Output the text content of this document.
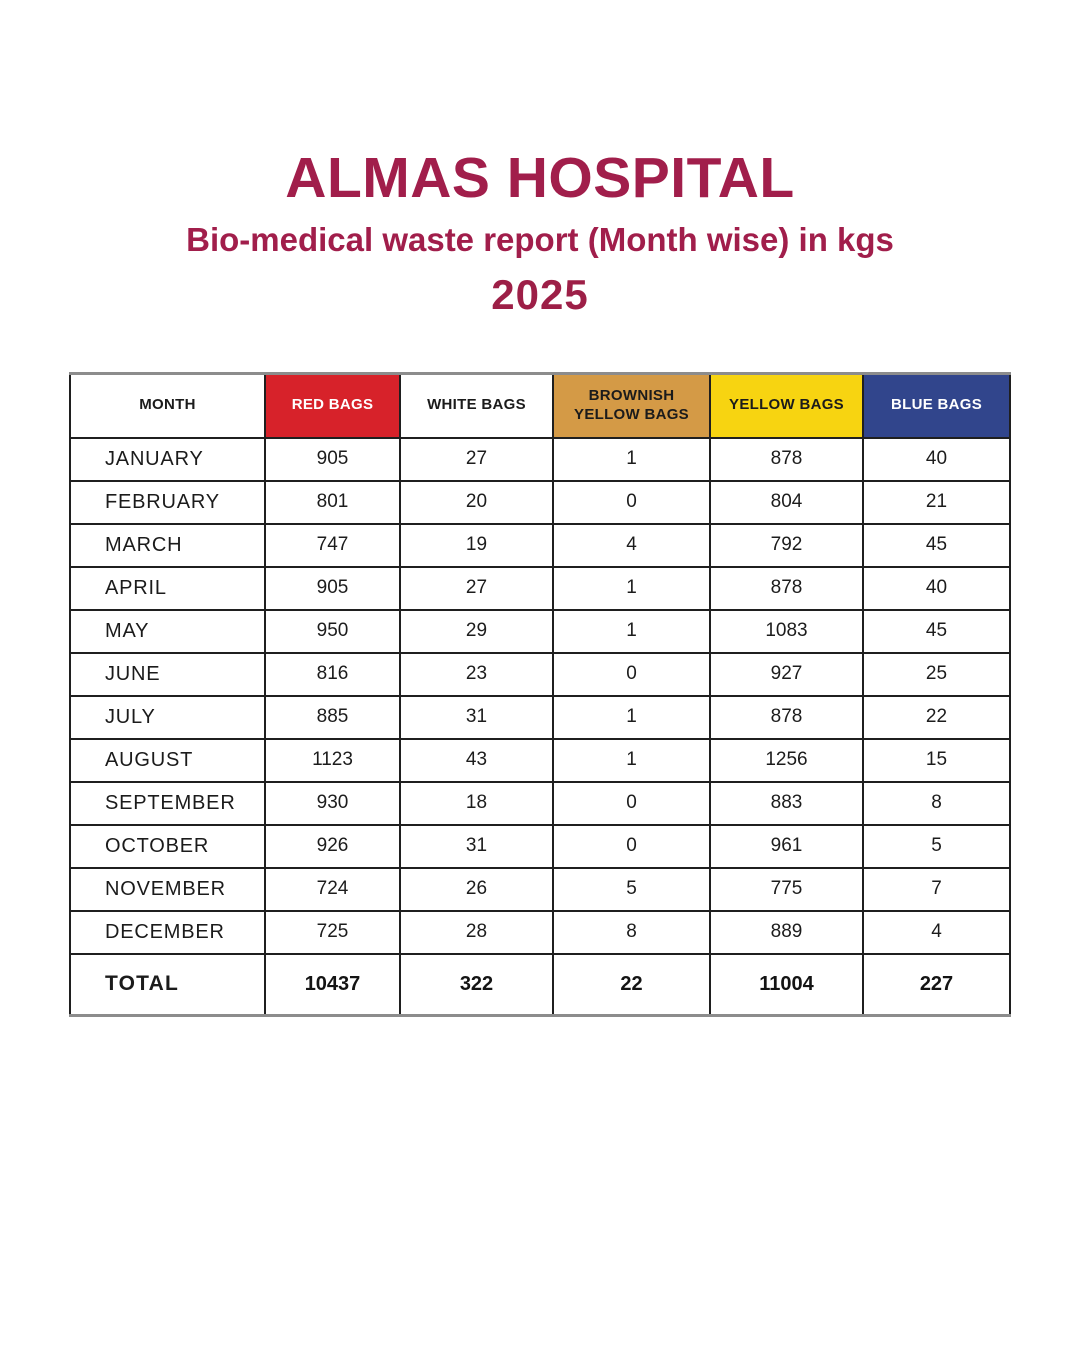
ALMAS HOSPITAL
Bio-medical waste report (Month wise) in kgs
2025
MONTH	RED BAGS	WHITE BAGS	BROWNISH YELLOW BAGS	YELLOW BAGS	BLUE BAGS
JANUARY	905	27	1	878	40
FEBRUARY	801	20	0	804	21
MARCH	747	19	4	792	45
APRIL	905	27	1	878	40
MAY	950	29	1	1083	45
JUNE	816	23	0	927	25
JULY	885	31	1	878	22
AUGUST	1123	43	1	1256	15
SEPTEMBER	930	18	0	883	8
OCTOBER	926	31	0	961	5
NOVEMBER	724	26	5	775	7
DECEMBER	725	28	8	889	4
TOTAL	10437	322	22	11004	227
